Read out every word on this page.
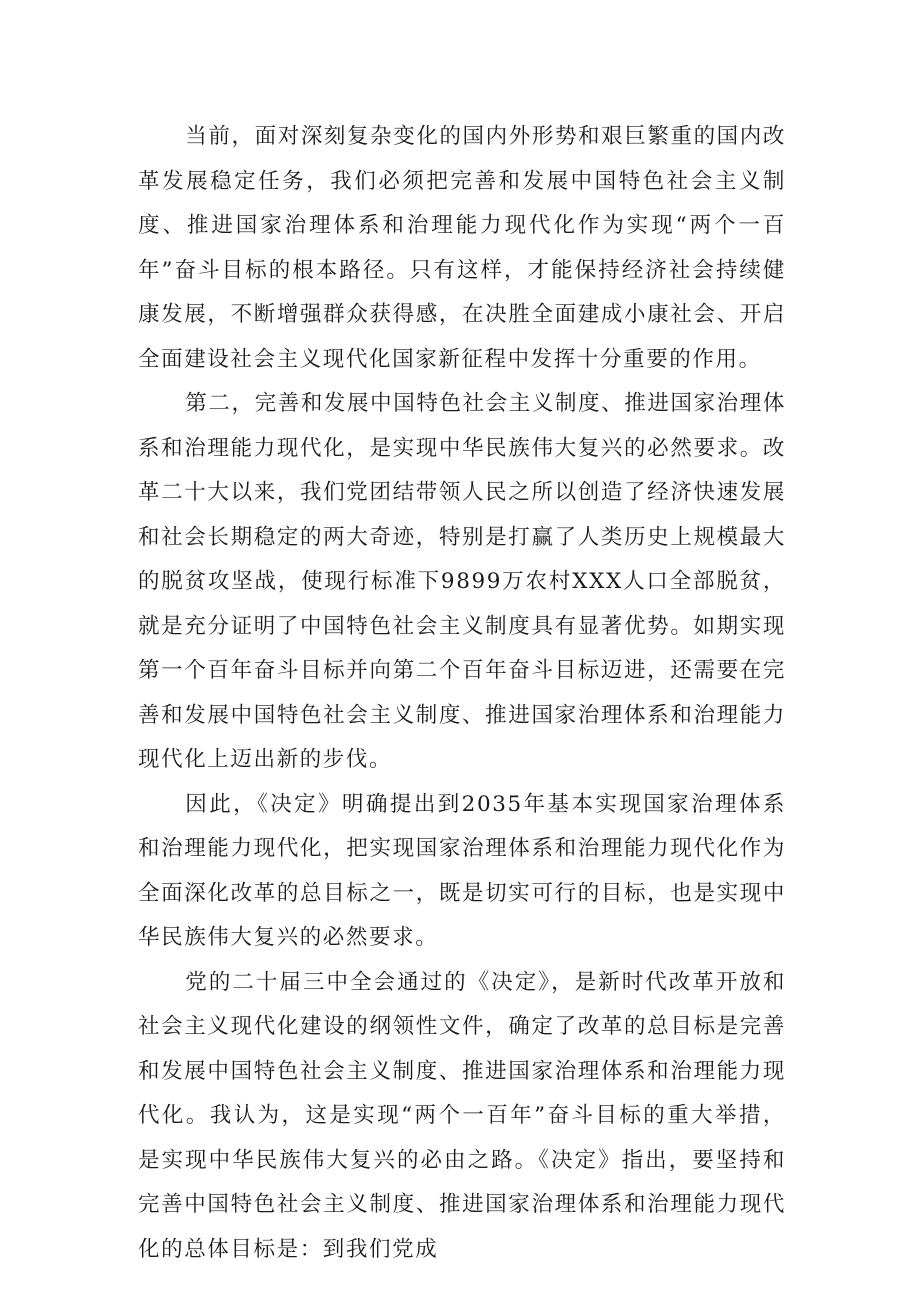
当前，面对深刻复杂变化的国内外形势和艰巨繁重的国内改革发展稳定任务，我们必须把完善和发展中国特色社会主义制度、推进国家治理体系和治理能力现代化作为实现“两个一百年”奋斗目标的根本路径。只有这样，才能保持经济社会持续健康发展，不断增强群众获得感，在决胜全面建成小康社会、开启全面建设社会主义现代化国家新征程中发挥十分重要的作用。

第二，完善和发展中国特色社会主义制度、推进国家治理体系和治理能力现代化，是实现中华民族伟大复兴的必然要求。改革二十大以来，我们党团结带领人民之所以创造了经济快速发展和社会长期稳定的两大奇迹，特别是打赢了人类历史上规模最大的脱贫攻坚战，使现行标准下9899万农村XXX人口全部脱贫，就是充分证明了中国特色社会主义制度具有显著优势。如期实现第一个百年奋斗目标并向第二个百年奋斗目标迈进，还需要在完善和发展中国特色社会主义制度、推进国家治理体系和治理能力现代化上迈出新的步伐。

因此，《决定》明确提出到2035年基本实现国家治理体系和治理能力现代化，把实现国家治理体系和治理能力现代化作为全面深化改革的总目标之一，既是切实可行的目标，也是实现中华民族伟大复兴的必然要求。

党的二十届三中全会通过的《决定》，是新时代改革开放和社会主义现代化建设的纲领性文件，确定了改革的总目标是完善和发展中国特色社会主义制度、推进国家治理体系和治理能力现代化。我认为，这是实现“两个一百年”奋斗目标的重大举措，是实现中华民族伟大复兴的必由之路。《决定》指出，要坚持和完善中国特色社会主义制度、推进国家治理体系和治理能力现代化的总体目标是：到我们党成
